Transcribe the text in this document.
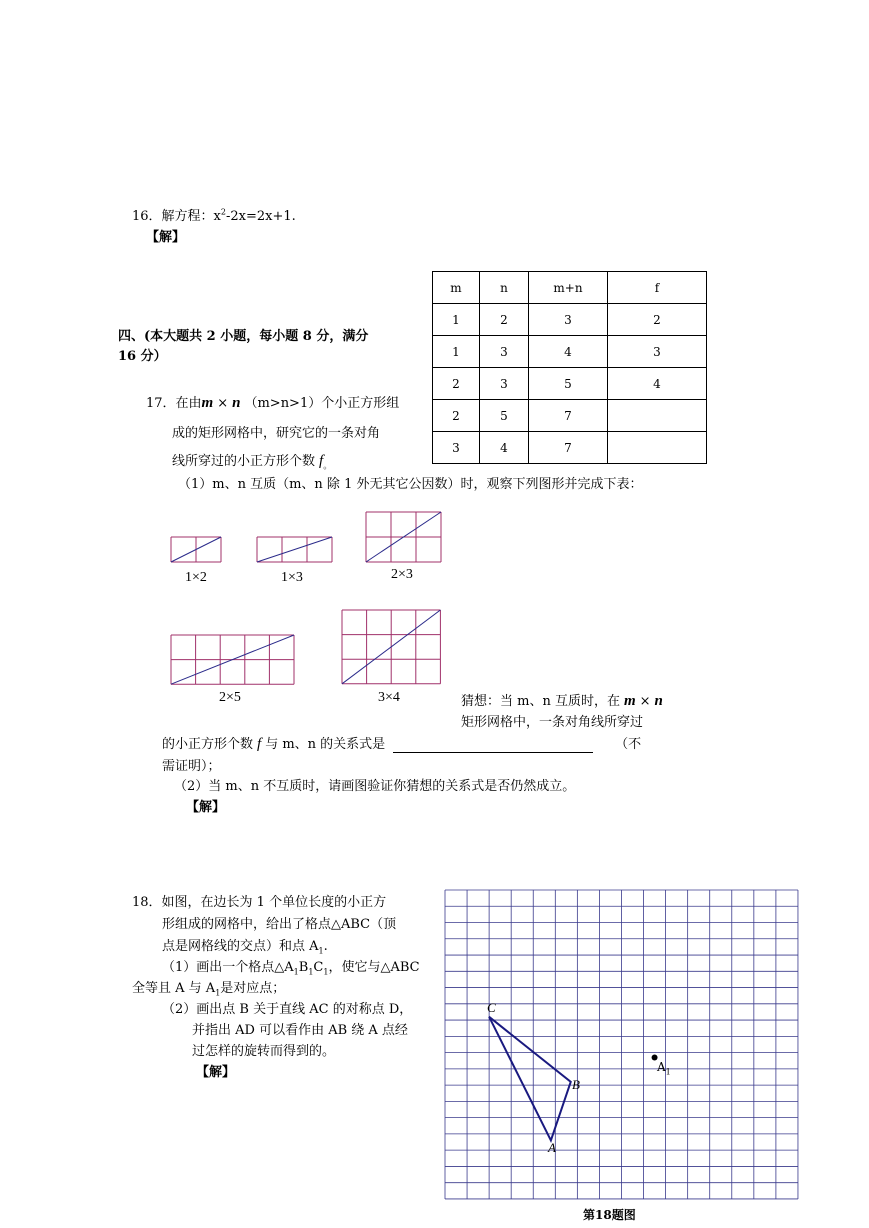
16．解方程：$x^2-2x=2x+1$.
【解】
四、(本大题共 2 小题，每小题 8 分，满分
16 分）
m	n	m+n	f
1	2	3	2
1	3	4	3
2	3	5	4
2	5	7	
3	4	7	
17．在由m × n （m>n>1）个小正方形组
成的矩形网格中，研究它的一条对角
线所穿过的小正方形个数 $f_。$
（1）m、n 互质（m、n 除 1 外无其它公因数）时，观察下列图形并完成下表：
1×2	1×3	2×3
2×5	3×4	猜想：当 m、n 互质时，在 m × n
矩形网格中，一条对角线所穿过
的小正方形个数 f 与 m、n 的关系式是	（不
需证明）；
（2）当 m、n 不互质时，请画图验证你猜想的关系式是否仍然成立。
【解】
18．如图，在边长为 1 个单位长度的小正方
形组成的网格中，给出了格点△ABC（顶
点是网格线的交点）和点 $A_1$.
（1）画出一个格点$\triangle A_1B_1C_1$，使它与△ABC
全等且 A 与 $A_1$是对应点；
（2）画出点 B 关于直线 AC 的对称点 D，
并指出 AD 可以看作由 AB 绕 A 点经
过怎样的旋转而得到的。
【解】
C
B
A
$A_1$
第18题图
